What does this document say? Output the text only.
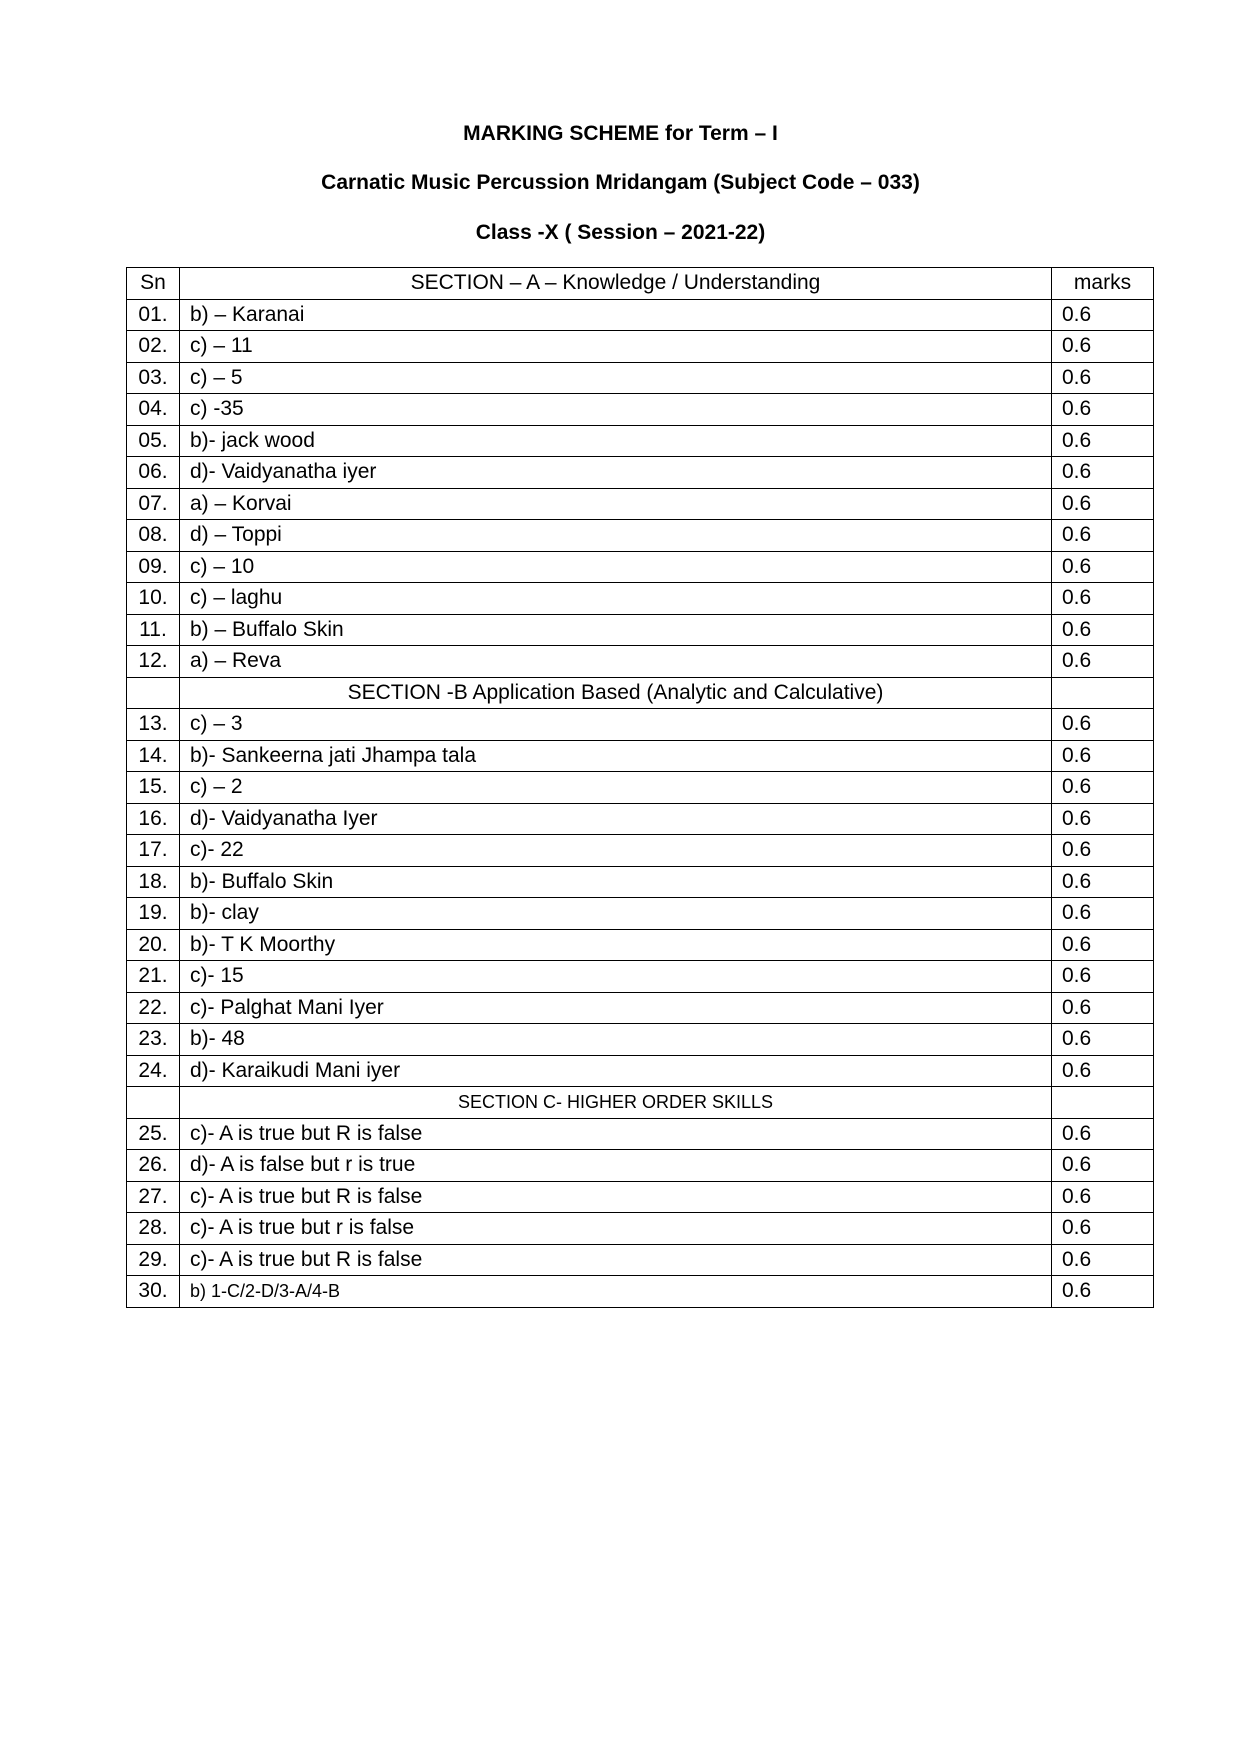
MARKING SCHEME for Term – I
Carnatic Music Percussion Mridangam (Subject Code – 033)
Class -X ( Session – 2021-22)
Sn	SECTION – A – Knowledge / Understanding	marks
01.	b) – Karanai	0.6
02.	c) – 11	0.6
03.	c) – 5	0.6
04.	c) -35	0.6
05.	b)- jack wood	0.6
06.	d)- Vaidyanatha iyer	0.6
07.	a) – Korvai	0.6
08.	d) – Toppi	0.6
09.	c) – 10	0.6
10.	c) – laghu	0.6
11.	b) – Buffalo Skin	0.6
12.	a) – Reva	0.6
	SECTION -B Application Based (Analytic and Calculative)	
13.	c) – 3	0.6
14.	b)- Sankeerna jati Jhampa tala	0.6
15.	c) – 2	0.6
16.	d)- Vaidyanatha Iyer	0.6
17.	c)- 22	0.6
18.	b)- Buffalo Skin	0.6
19.	b)- clay	0.6
20.	b)- T K Moorthy	0.6
21.	c)- 15	0.6
22.	c)- Palghat Mani Iyer	0.6
23.	b)- 48	0.6
24.	d)- Karaikudi Mani iyer	0.6
	SECTION C- HIGHER ORDER SKILLS	
25.	c)- A is true but R is false	0.6
26.	d)- A is false but r is true	0.6
27.	c)- A is true but R is false	0.6
28.	c)- A is true but r is false	0.6
29.	c)- A is true but R is false	0.6
30.	b) 1-C/2-D/3-A/4-B	0.6
